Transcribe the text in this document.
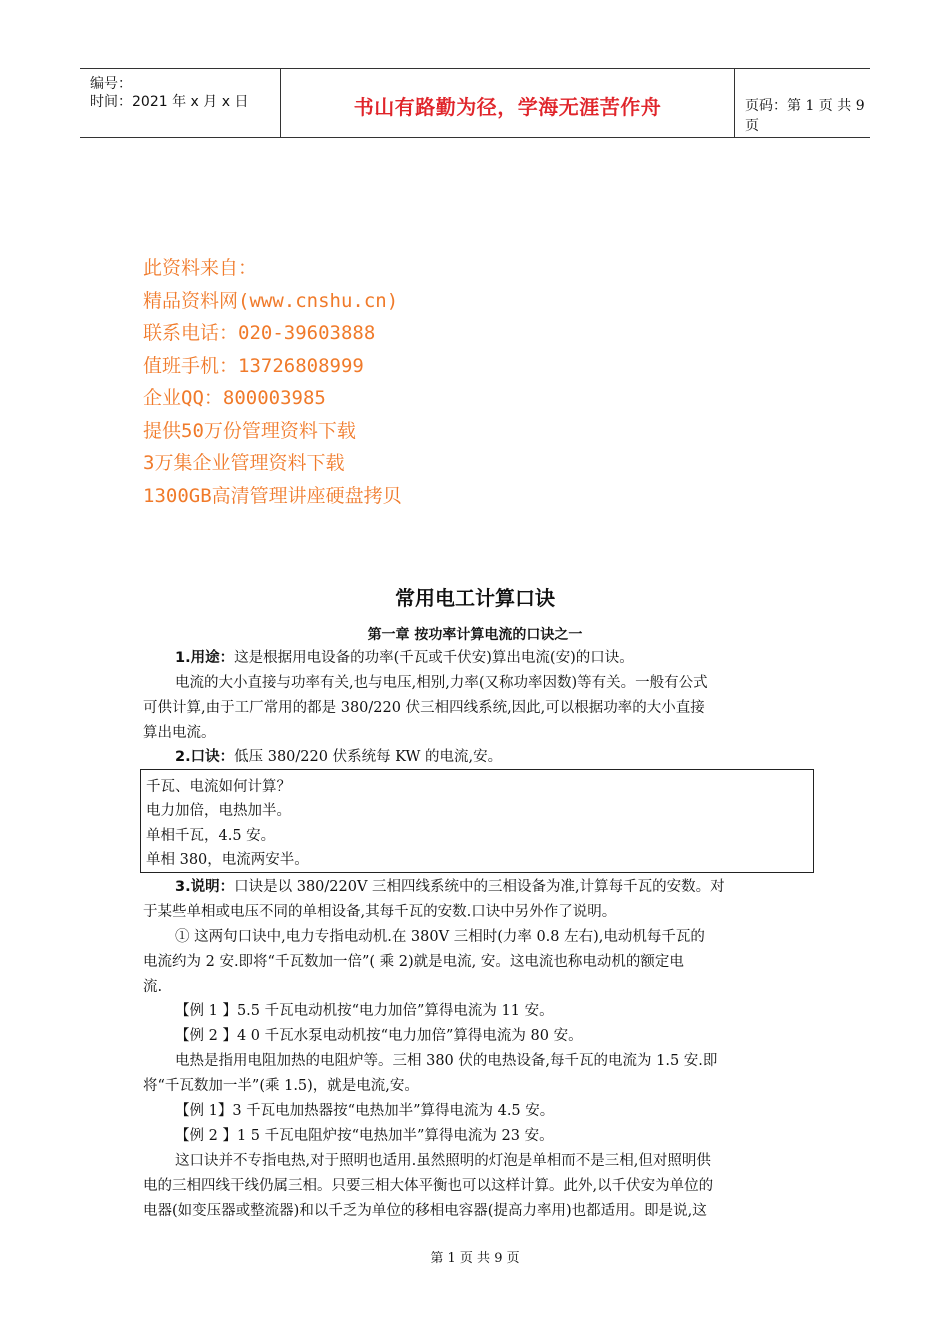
编号：
时间：2021 年 x 月 x 日	书山有路勤为径，学海无涯苦作舟	页码：第 1 页 共 9 页
此资料来自：
精品资料网(www.cnshu.cn)
联系电话：020-39603888
值班手机：13726808999
企业QQ：800003985
提供50万份管理资料下载
3万集企业管理资料下载
1300GB高清管理讲座硬盘拷贝
常用电工计算口诀
第一章 按功率计算电流的口诀之一
1.用途：这是根据用电设备的功率(千瓦或千伏安)算出电流(安)的口诀。
电流的大小直接与功率有关,也与电压,相别,力率(又称功率因数)等有关。一般有公式
可供计算,由于工厂常用的都是 380/220 伏三相四线系统,因此,可以根据功率的大小直接
算出电流。
2.口诀：低压 380/220 伏系统每 KW 的电流,安。
千瓦、电流如何计算？
电力加倍，电热加半。
单相千瓦，4.5 安。
单相 380，电流两安半。
3.说明：口诀是以 380/220V 三相四线系统中的三相设备为准,计算每千瓦的安数。对
于某些单相或电压不同的单相设备,其每千瓦的安数.口诀中另外作了说明。
① 这两句口诀中,电力专指电动机.在 380V 三相时(力率 0.8 左右),电动机每千瓦的
电流约为 2 安.即将“千瓦数加一倍”( 乘 2)就是电流, 安。这电流也称电动机的额定电
流.
【例 1 】5.5 千瓦电动机按“电力加倍”算得电流为 11 安。
【例 2 】4 0 千瓦水泵电动机按“电力加倍”算得电流为 80 安。
电热是指用电阻加热的电阻炉等。三相 380 伏的电热设备,每千瓦的电流为 1.5 安.即
将“千瓦数加一半”(乘 1.5)，就是电流,安。
【例 1】3 千瓦电加热器按“电热加半”算得电流为 4.5 安。
【例 2 】1 5 千瓦电阻炉按“电热加半”算得电流为 23 安。
这口诀并不专指电热,对于照明也适用.虽然照明的灯泡是单相而不是三相,但对照明供
电的三相四线干线仍属三相。只要三相大体平衡也可以这样计算。此外,以千伏安为单位的
电器(如变压器或整流器)和以千乏为单位的移相电容器(提高力率用)也都适用。即是说,这
第 1 页 共 9 页
